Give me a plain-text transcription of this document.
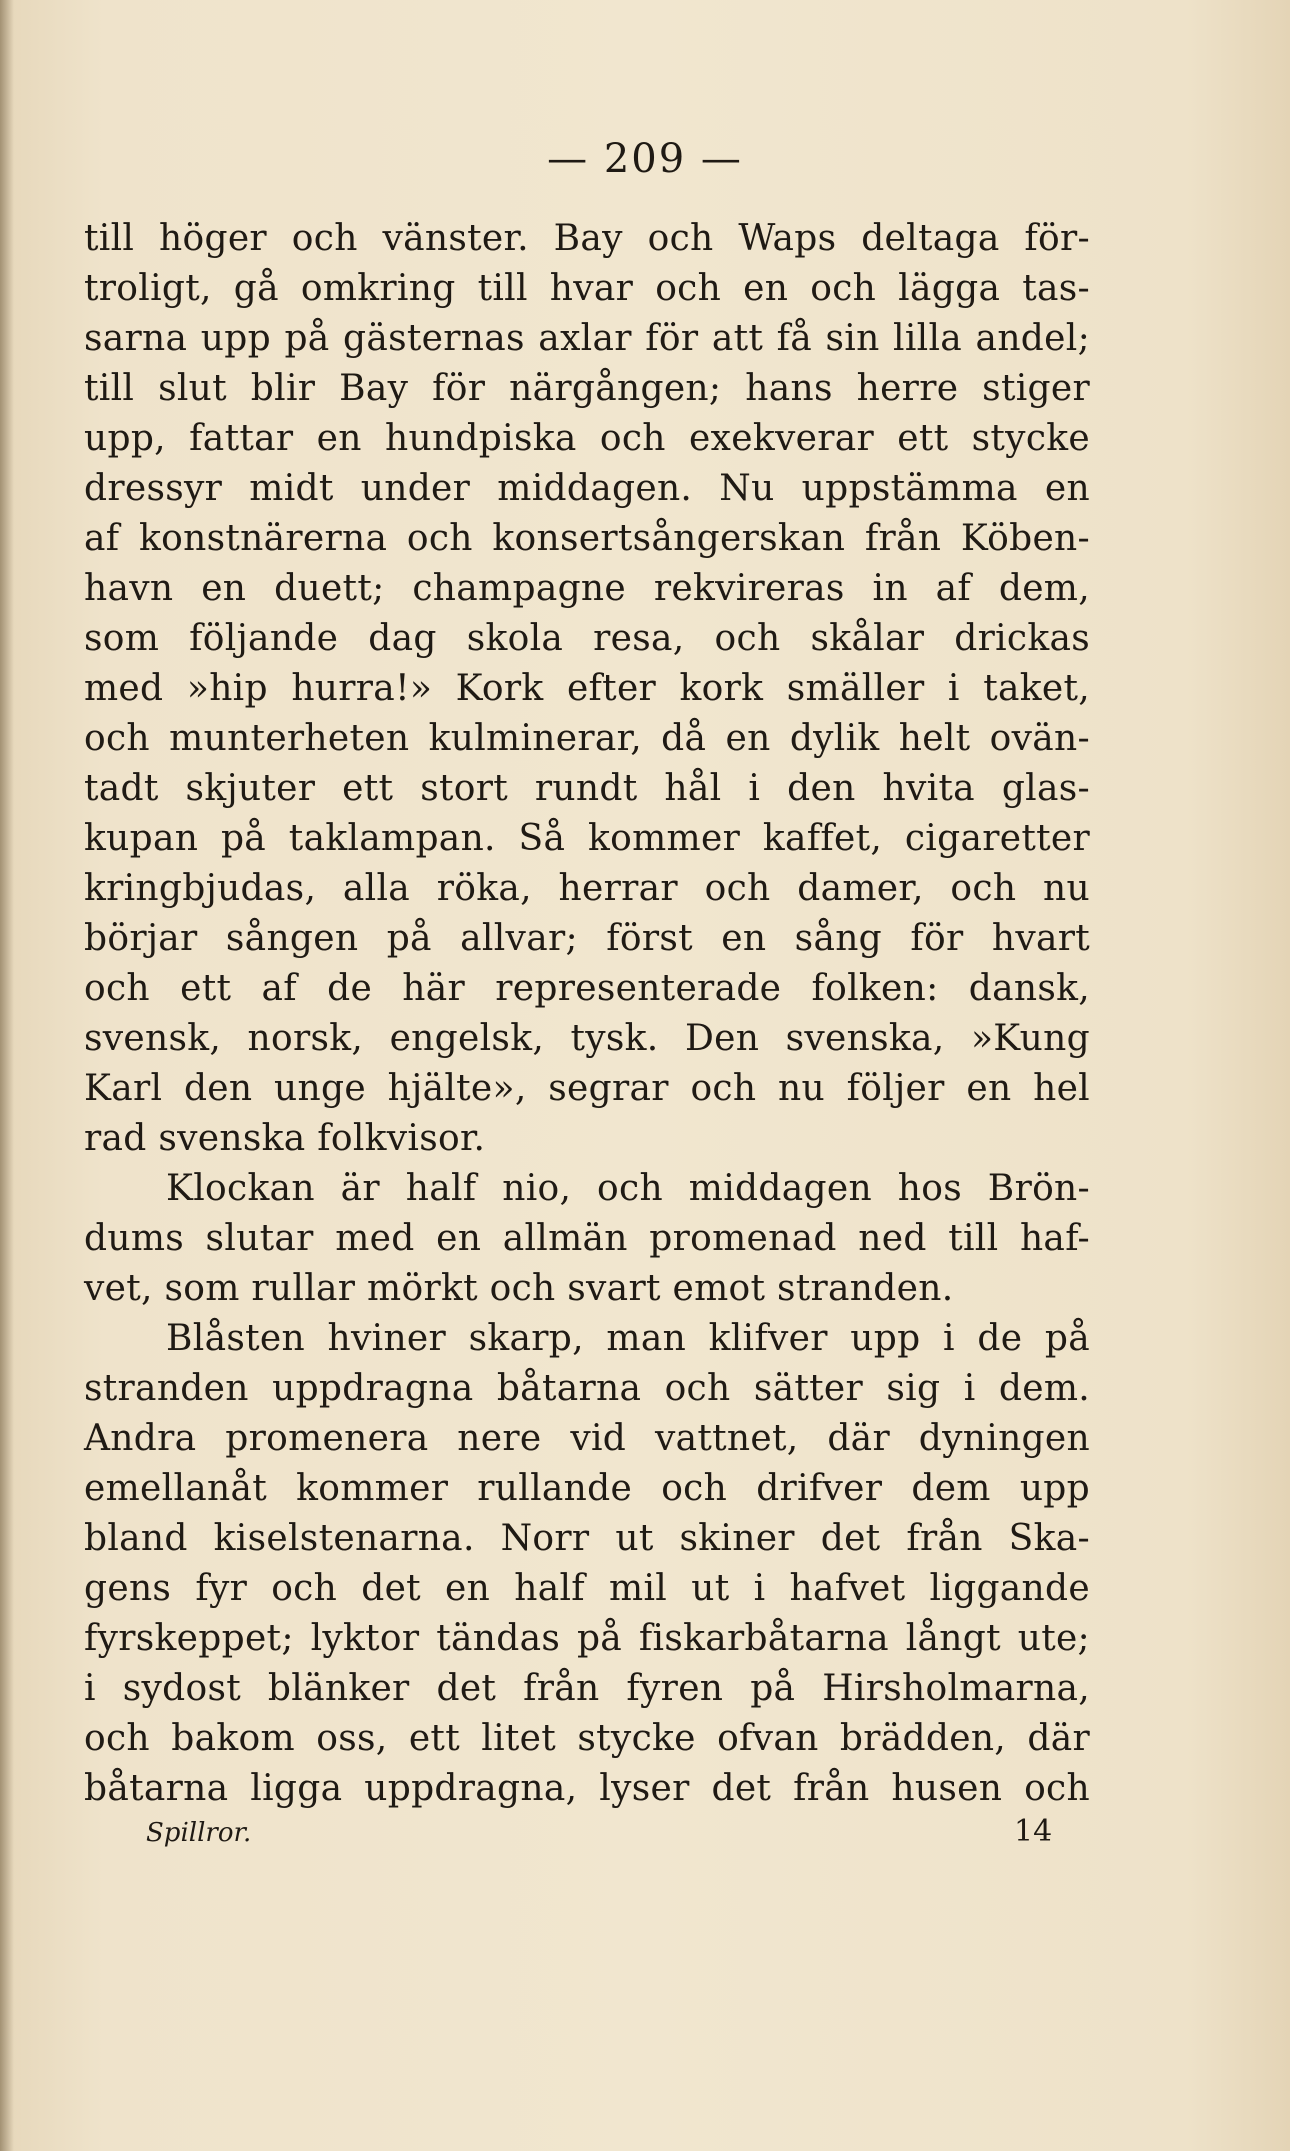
— 209 —
till höger och vänster. Bay och Waps deltaga för-
troligt, gå omkring till hvar och en och lägga tas-
sarna upp på gästernas axlar för att få sin lilla andel;
till slut blir Bay för närgången; hans herre stiger
upp, fattar en hundpiska och exekverar ett stycke
dressyr midt under middagen. Nu uppstämma en
af konstnärerna och konsertsångerskan från Köben-
havn en duett; champagne rekvireras in af dem,
som följande dag skola resa, och skålar drickas
med »hip hurra!» Kork efter kork smäller i taket,
och munterheten kulminerar, då en dylik helt ovän-
tadt skjuter ett stort rundt hål i den hvita glas-
kupan på taklampan. Så kommer kaffet, cigaretter
kringbjudas, alla röka, herrar och damer, och nu
börjar sången på allvar; först en sång för hvart
och ett af de här representerade folken: dansk,
svensk, norsk, engelsk, tysk. Den svenska, »Kung
Karl den unge hjälte», segrar och nu följer en hel
rad svenska folkvisor.
Klockan är half nio, och middagen hos Brön-
dums slutar med en allmän promenad ned till haf-
vet, som rullar mörkt och svart emot stranden.
Blåsten hviner skarp, man klifver upp i de på
stranden uppdragna båtarna och sätter sig i dem.
Andra promenera nere vid vattnet, där dyningen
emellanåt kommer rullande och drifver dem upp
bland kiselstenarna. Norr ut skiner det från Ska-
gens fyr och det en half mil ut i hafvet liggande
fyrskeppet; lyktor tändas på fiskarbåtarna långt ute;
i sydost blänker det från fyren på Hirsholmarna,
och bakom oss, ett litet stycke ofvan brädden, där
båtarna ligga uppdragna, lyser det från husen och
Spillror.	14
